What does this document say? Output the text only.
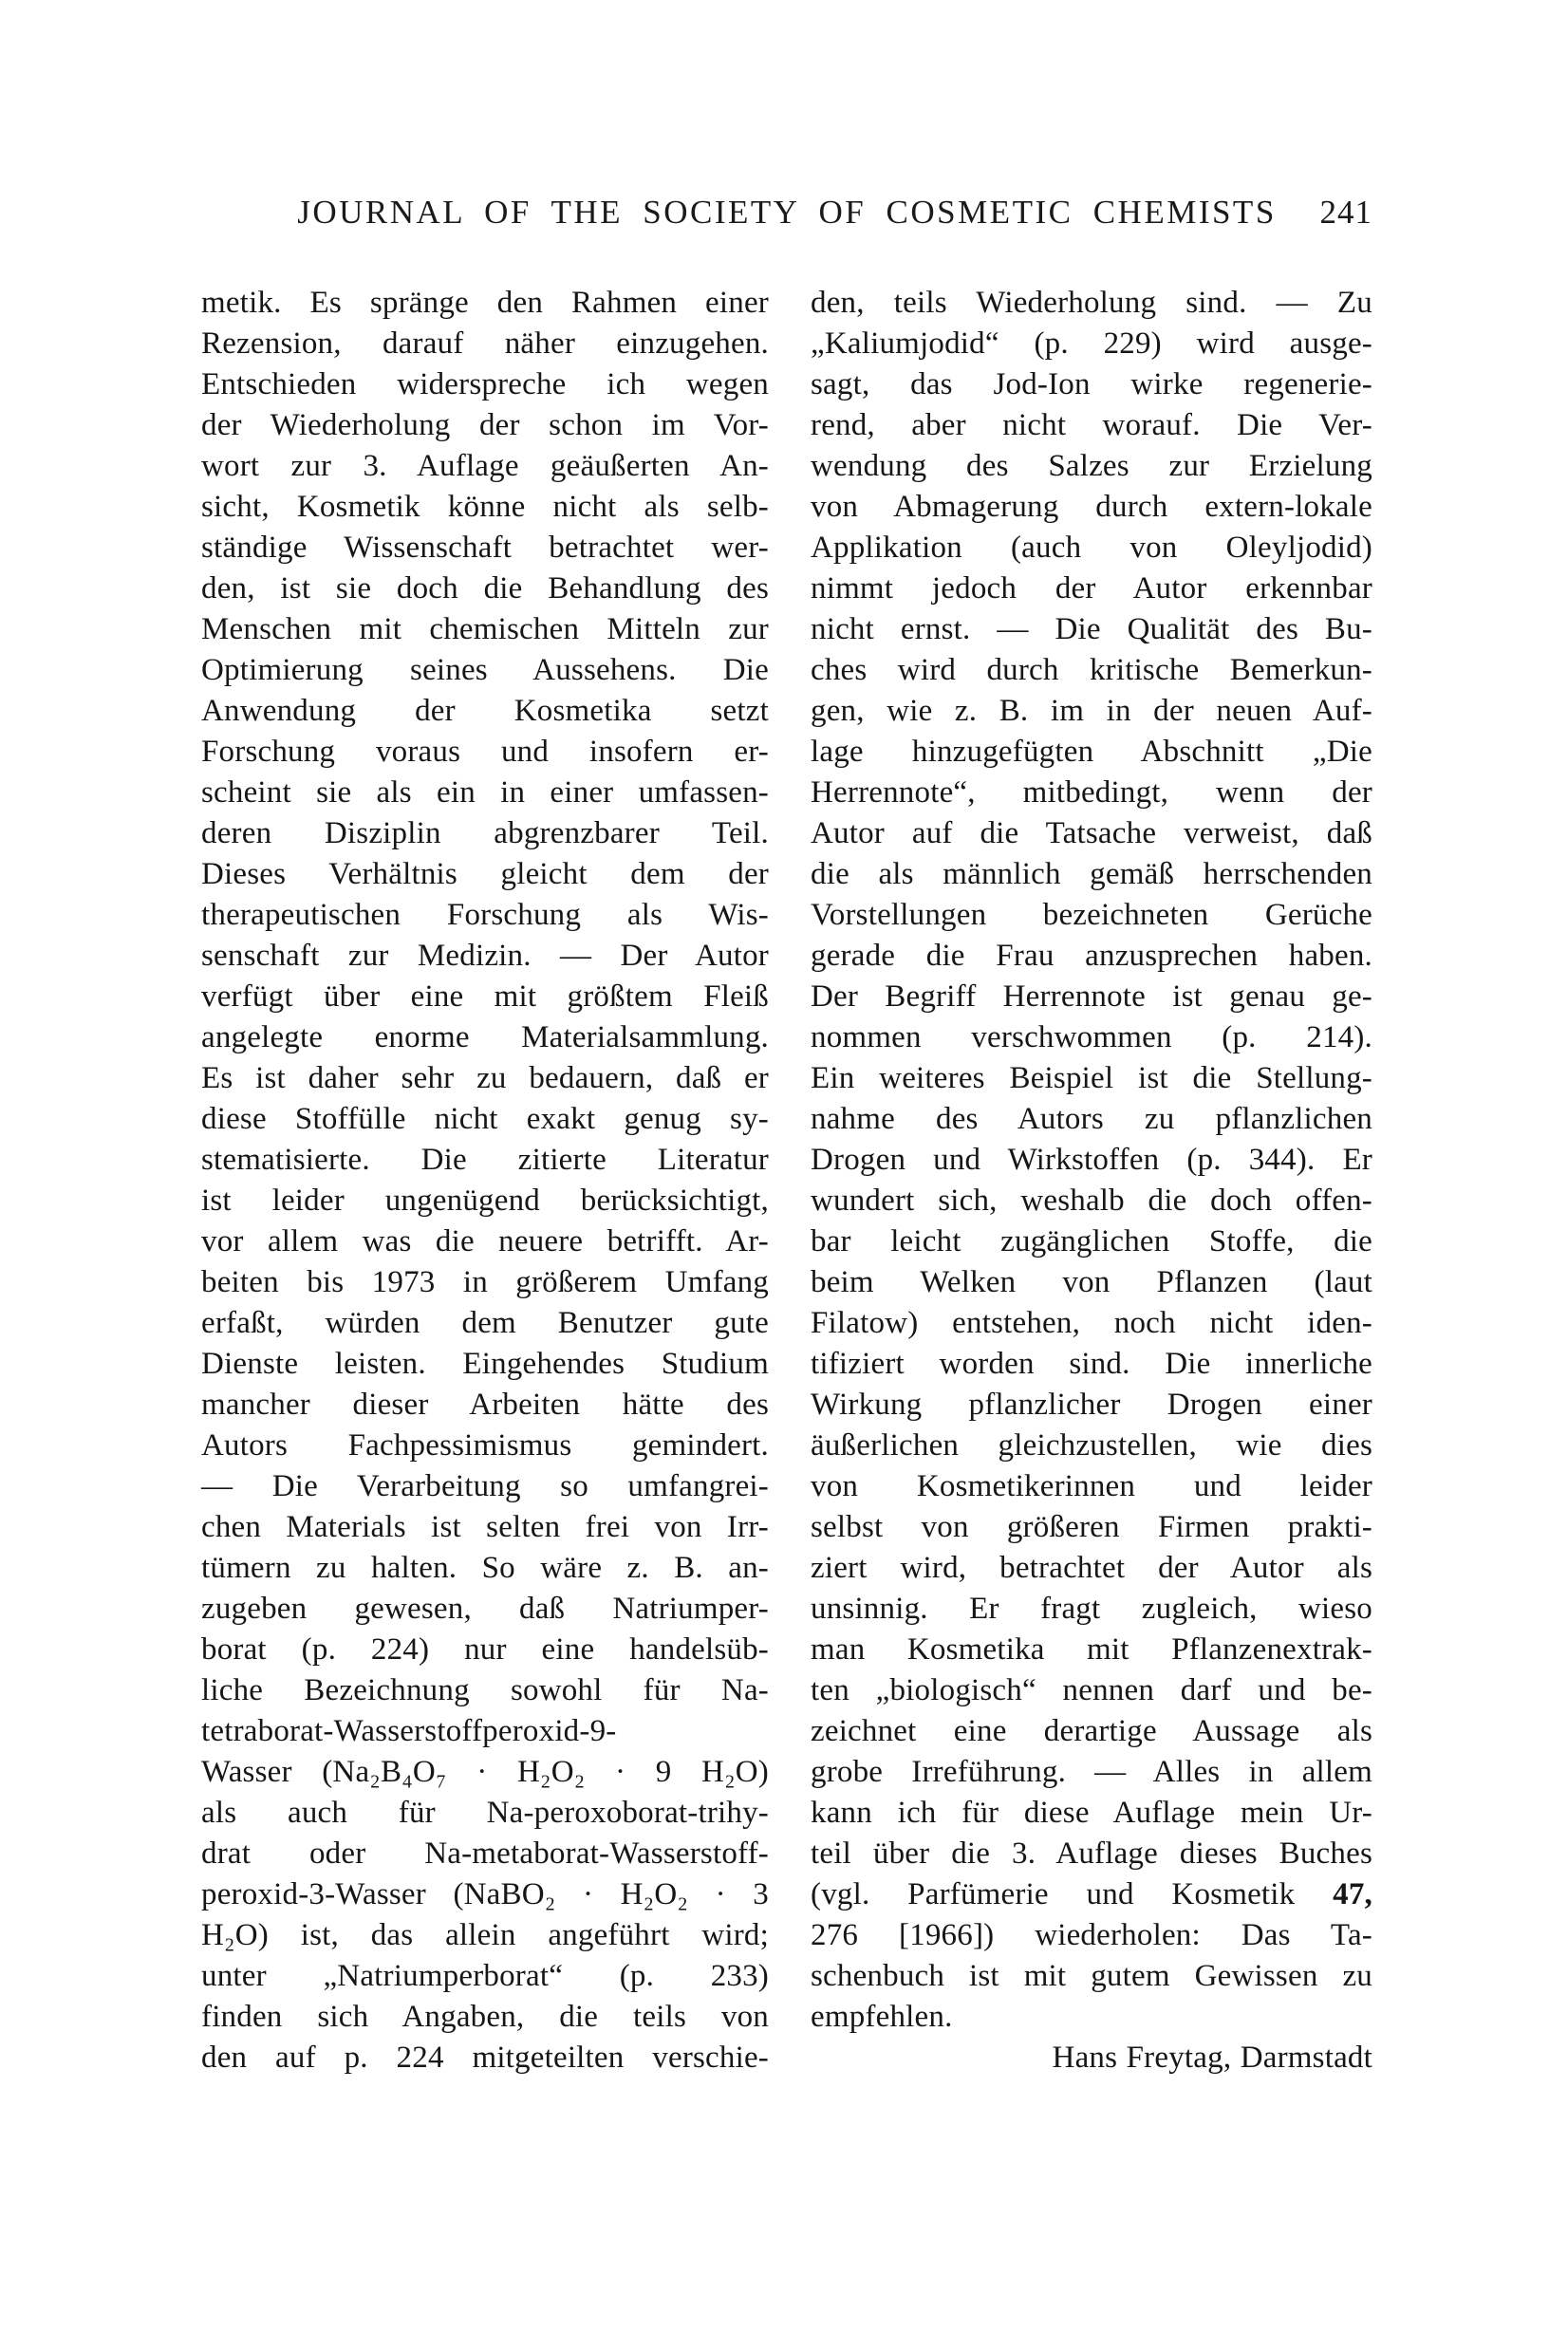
JOURNAL OF THE SOCIETY OF COSMETIC CHEMISTS	241
metik. Es spränge den Rahmen einer
Rezension, darauf näher einzugehen.
Entschieden widerspreche ich wegen
der Wiederholung der schon im Vor-
wort zur 3. Auflage geäußerten An-
sicht, Kosmetik könne nicht als selb-
ständige Wissenschaft betrachtet wer-
den, ist sie doch die Behandlung des
Menschen mit chemischen Mitteln zur
Optimierung seines Aussehens. Die
Anwendung der Kosmetika setzt
Forschung voraus und insofern er-
scheint sie als ein in einer umfassen-
deren Disziplin abgrenzbarer Teil.
Dieses Verhältnis gleicht dem der
therapeutischen Forschung als Wis-
senschaft zur Medizin. — Der Autor
verfügt über eine mit größtem Fleiß
angelegte enorme Materialsammlung.
Es ist daher sehr zu bedauern, daß er
diese Stoffülle nicht exakt genug sy-
stematisierte. Die zitierte Literatur
ist leider ungenügend berücksichtigt,
vor allem was die neuere betrifft. Ar-
beiten bis 1973 in größerem Umfang
erfaßt, würden dem Benutzer gute
Dienste leisten. Eingehendes Studium
mancher dieser Arbeiten hätte des
Autors Fachpessimismus gemindert.
— Die Verarbeitung so umfangrei-
chen Materials ist selten frei von Irr-
tümern zu halten. So wäre z. B. an-
zugeben gewesen, daß Natriumper-
borat (p. 224) nur eine handelsüb-
liche Bezeichnung sowohl für Na-
tetraborat-Wasserstoffperoxid-9-
Wasser (Na₂B₄O₇ · H₂O₂ · 9 H₂O)
als auch für Na-peroxoborat-trihy-
drat oder Na-metaborat-Wasserstoff-
peroxid-3-Wasser (NaBO₂ · H₂O₂ · 3
H₂O) ist, das allein angeführt wird;
unter „Natriumperborat“ (p. 233)
finden sich Angaben, die teils von
den auf p. 224 mitgeteilten verschie-
den, teils Wiederholung sind. — Zu
„Kaliumjodid“ (p. 229) wird ausge-
sagt, das Jod-Ion wirke regenerie-
rend, aber nicht worauf. Die Ver-
wendung des Salzes zur Erzielung
von Abmagerung durch extern-lokale
Applikation (auch von Oleyljodid)
nimmt jedoch der Autor erkennbar
nicht ernst. — Die Qualität des Bu-
ches wird durch kritische Bemerkun-
gen, wie z. B. im in der neuen Auf-
lage hinzugefügten Abschnitt „Die
Herrennote“, mitbedingt, wenn der
Autor auf die Tatsache verweist, daß
die als männlich gemäß herrschenden
Vorstellungen bezeichneten Gerüche
gerade die Frau anzusprechen haben.
Der Begriff Herrennote ist genau ge-
nommen verschwommen (p. 214).
Ein weiteres Beispiel ist die Stellung-
nahme des Autors zu pflanzlichen
Drogen und Wirkstoffen (p. 344). Er
wundert sich, weshalb die doch offen-
bar leicht zugänglichen Stoffe, die
beim Welken von Pflanzen (laut
Filatow) entstehen, noch nicht iden-
tifiziert worden sind. Die innerliche
Wirkung pflanzlicher Drogen einer
äußerlichen gleichzustellen, wie dies
von Kosmetikerinnen und leider
selbst von größeren Firmen prakti-
ziert wird, betrachtet der Autor als
unsinnig. Er fragt zugleich, wieso
man Kosmetika mit Pflanzenextrak-
ten „biologisch“ nennen darf und be-
zeichnet eine derartige Aussage als
grobe Irreführung. — Alles in allem
kann ich für diese Auflage mein Ur-
teil über die 3. Auflage dieses Buches
(vgl. Parfümerie und Kosmetik 47,
276 [1966]) wiederholen: Das Ta-
schenbuch ist mit gutem Gewissen zu
empfehlen.
Hans Freytag, Darmstadt
